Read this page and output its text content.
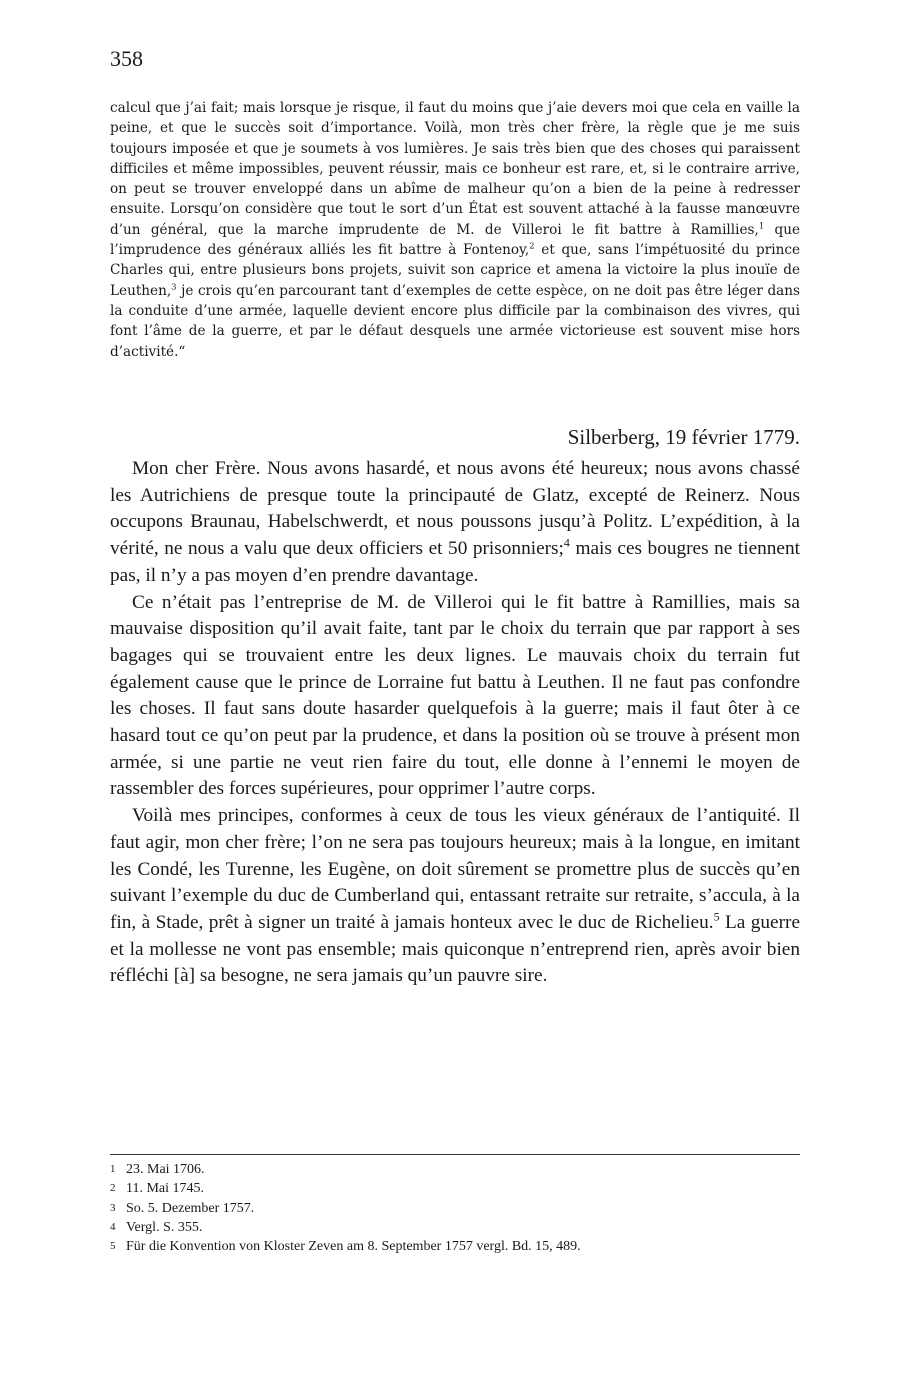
358

calcul que j’ai fait; mais lorsque je risque, il faut du moins que j’aie devers moi que cela en vaille la peine, et que le succès soit d’importance. Voilà, mon très cher frère, la règle que je me suis toujours imposée et que je soumets à vos lumières. Je sais très bien que des choses qui paraissent difficiles et même impossibles, peuvent réussir, mais ce bonheur est rare, et, si le contraire arrive, on peut se trouver enveloppé dans un abîme de malheur qu’on a bien de la peine à redresser ensuite. Lorsqu’on considère que tout le sort d’un État est souvent attaché à la fausse manœuvre d’un général, que la marche imprudente de M. de Villeroi le fit battre à Ramillies,$^1$ que l’imprudence des généraux alliés les fit battre à Fontenoy,$^2$ et que, sans l’impétuosité du prince Charles qui, entre plusieurs bons projets, suivit son caprice et amena la victoire la plus inouïe de Leuthen,$^3$ je crois qu’en parcourant tant d’exemples de cette espèce, on ne doit pas être léger dans la conduite d’une armée, laquelle devient encore plus difficile par la combinaison des vivres, qui font l’âme de la guerre, et par le défaut desquels une armée victorieuse est souvent mise hors d’activité.“

Silberberg, 19 février 1779.

Mon cher Frère. Nous avons hasardé, et nous avons été heureux; nous avons chassé les Autrichiens de presque toute la principauté de Glatz, excepté de Reinerz. Nous occupons Braunau, Habelschwerdt, et nous poussons jusqu’à Politz. L’expédition, à la vérité, ne nous a valu que deux officiers et 50 prisonniers;$^4$ mais ces bougres ne tiennent pas, il n’y a pas moyen d’en prendre davantage.

Ce n’était pas l’entreprise de M. de Villeroi qui le fit battre à Ramillies, mais sa mauvaise disposition qu’il avait faite, tant par le choix du terrain que par rapport à ses bagages qui se trouvaient entre les deux lignes. Le mauvais choix du terrain fut également cause que le prince de Lorraine fut battu à Leuthen. Il ne faut pas confondre les choses. Il faut sans doute hasarder quelquefois à la guerre; mais il faut ôter à ce hasard tout ce qu’on peut par la prudence, et dans la position où se trouve à présent mon armée, si une partie ne veut rien faire du tout, elle donne à l’ennemi le moyen de rassembler des forces supérieures, pour opprimer l’autre corps.

Voilà mes principes, conformes à ceux de tous les vieux généraux de l’antiquité. Il faut agir, mon cher frère; l’on ne sera pas toujours heureux; mais à la longue, en imitant les Condé, les Turenne, les Eugène, on doit sûrement se promettre plus de succès qu’en suivant l’exemple du duc de Cumberland qui, entassant retraite sur retraite, s’accula, à la fin, à Stade, prêt à signer un traité à jamais honteux avec le duc de Richelieu.$^5$ La guerre et la mollesse ne vont pas ensemble; mais quiconque n’entreprend rien, après avoir bien réfléchi [à] sa besogne, ne sera jamais qu’un pauvre sire.

1 23. Mai 1706.
2 11. Mai 1745.
3 So. 5. Dezember 1757.
4 Vergl. S. 355.
5 Für die Konvention von Kloster Zeven am 8. September 1757 vergl. Bd. 15, 489.
